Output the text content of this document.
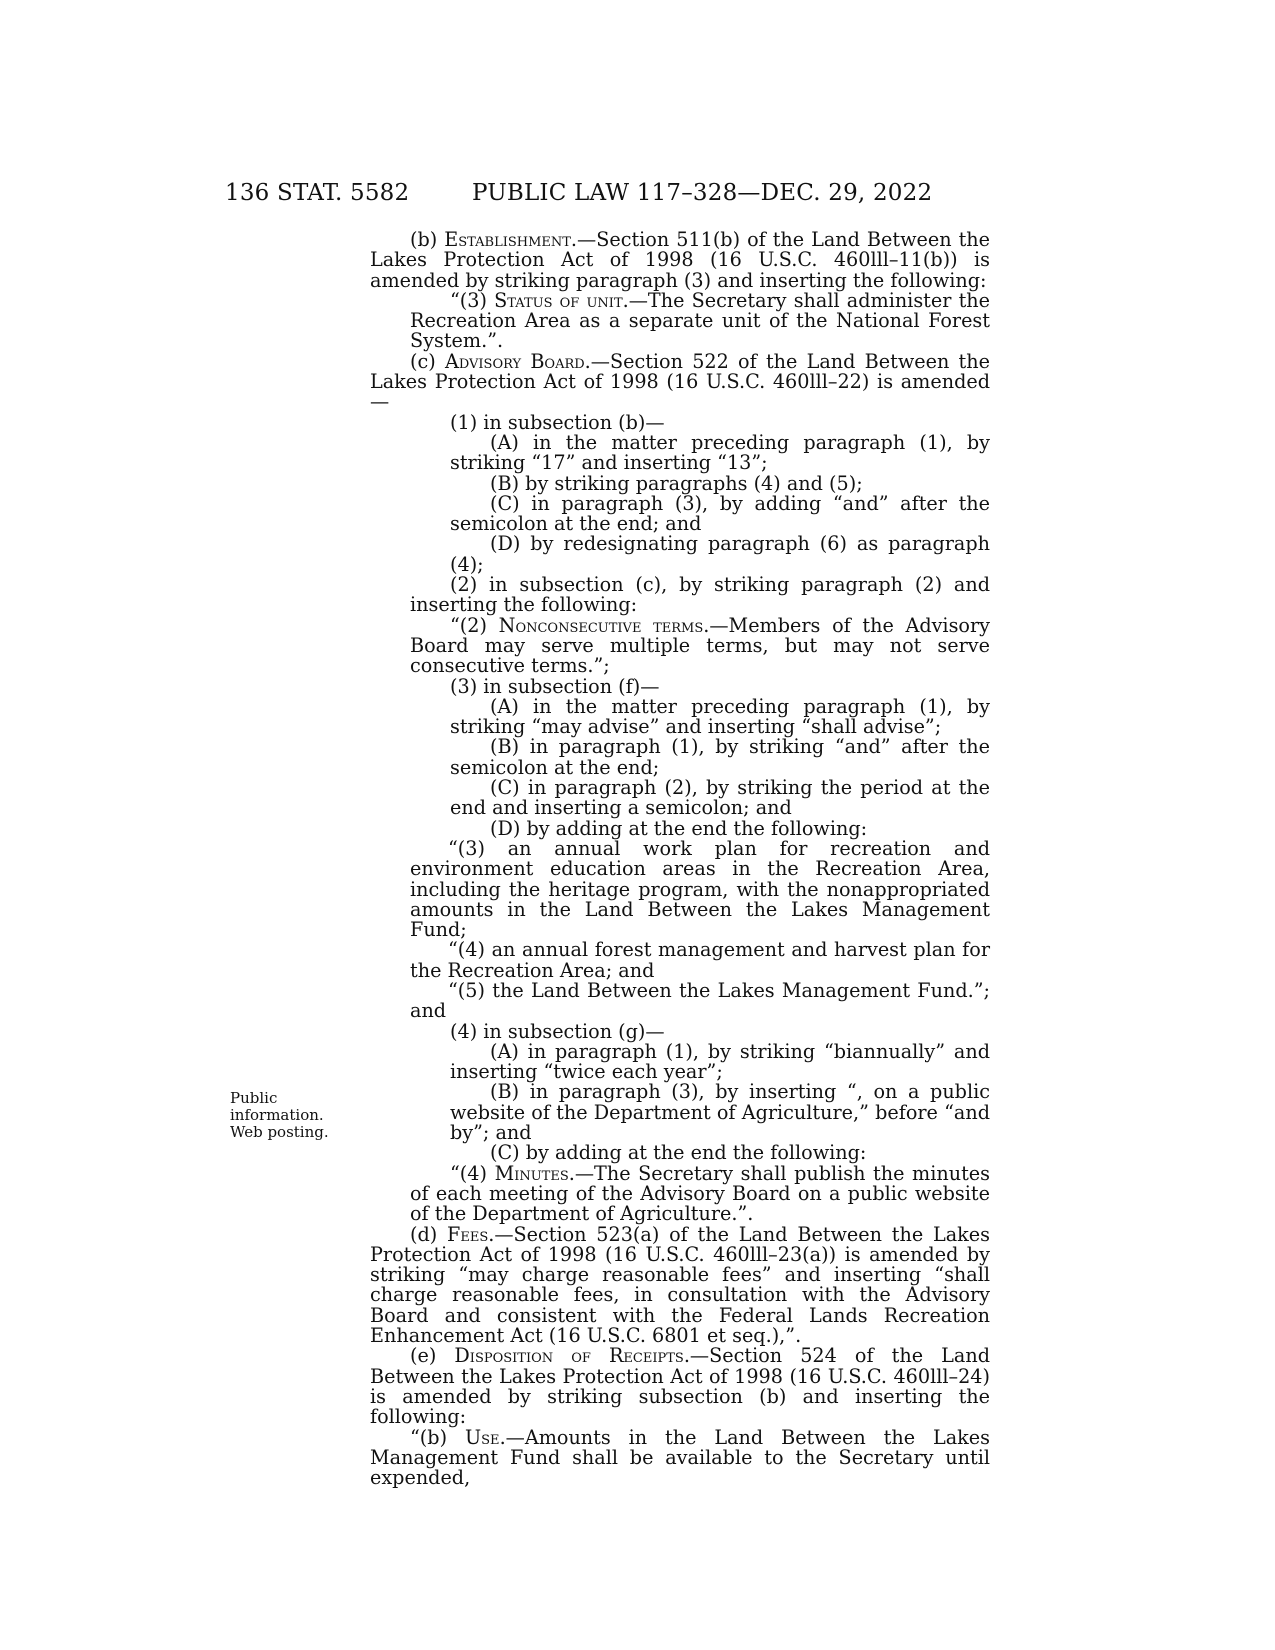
136 STAT. 5582	PUBLIC LAW 117–328—DEC. 29, 2022
Public
information.
Web posting.

(b) Establishment.—Section 511(b) of the Land Between the Lakes Protection Act of 1998 (16 U.S.C. 460lll–11(b)) is amended by striking paragraph (3) and inserting the following:

“(3) Status of unit.—The Secretary shall administer the Recreation Area as a separate unit of the National Forest System.”.

(c) Advisory Board.—Section 522 of the Land Between the Lakes Protection Act of 1998 (16 U.S.C. 460lll–22) is amended—

(1) in subsection (b)—

(A) in the matter preceding paragraph (1), by striking “17” and inserting “13”;

(B) by striking paragraphs (4) and (5);

(C) in paragraph (3), by adding “and” after the semicolon at the end; and

(D) by redesignating paragraph (6) as paragraph (4);

(2) in subsection (c), by striking paragraph (2) and inserting the following:

“(2) Nonconsecutive terms.—Members of the Advisory Board may serve multiple terms, but may not serve consecutive terms.”;

(3) in subsection (f)—

(A) in the matter preceding paragraph (1), by striking “may advise” and inserting “shall advise”;

(B) in paragraph (1), by striking “and” after the semicolon at the end;

(C) in paragraph (2), by striking the period at the end and inserting a semicolon; and

(D) by adding at the end the following:

“(3) an annual work plan for recreation and environment education areas in the Recreation Area, including the heritage program, with the nonappropriated amounts in the Land Between the Lakes Management Fund;

“(4) an annual forest management and harvest plan for the Recreation Area; and

“(5) the Land Between the Lakes Management Fund.”; and

(4) in subsection (g)—

(A) in paragraph (1), by striking “biannually” and inserting “twice each year”;

(B) in paragraph (3), by inserting “, on a public website of the Department of Agriculture,” before “and by”; and

(C) by adding at the end the following:

“(4) Minutes.—The Secretary shall publish the minutes of each meeting of the Advisory Board on a public website of the Department of Agriculture.”.

(d) Fees.—Section 523(a) of the Land Between the Lakes Protection Act of 1998 (16 U.S.C. 460lll–23(a)) is amended by striking “may charge reasonable fees” and inserting “shall charge reasonable fees, in consultation with the Advisory Board and consistent with the Federal Lands Recreation Enhancement Act (16 U.S.C. 6801 et seq.),”.

(e) Disposition of Receipts.—Section 524 of the Land Between the Lakes Protection Act of 1998 (16 U.S.C. 460lll–24) is amended by striking subsection (b) and inserting the following:

“(b) Use.—Amounts in the Land Between the Lakes Management Fund shall be available to the Secretary until expended,
